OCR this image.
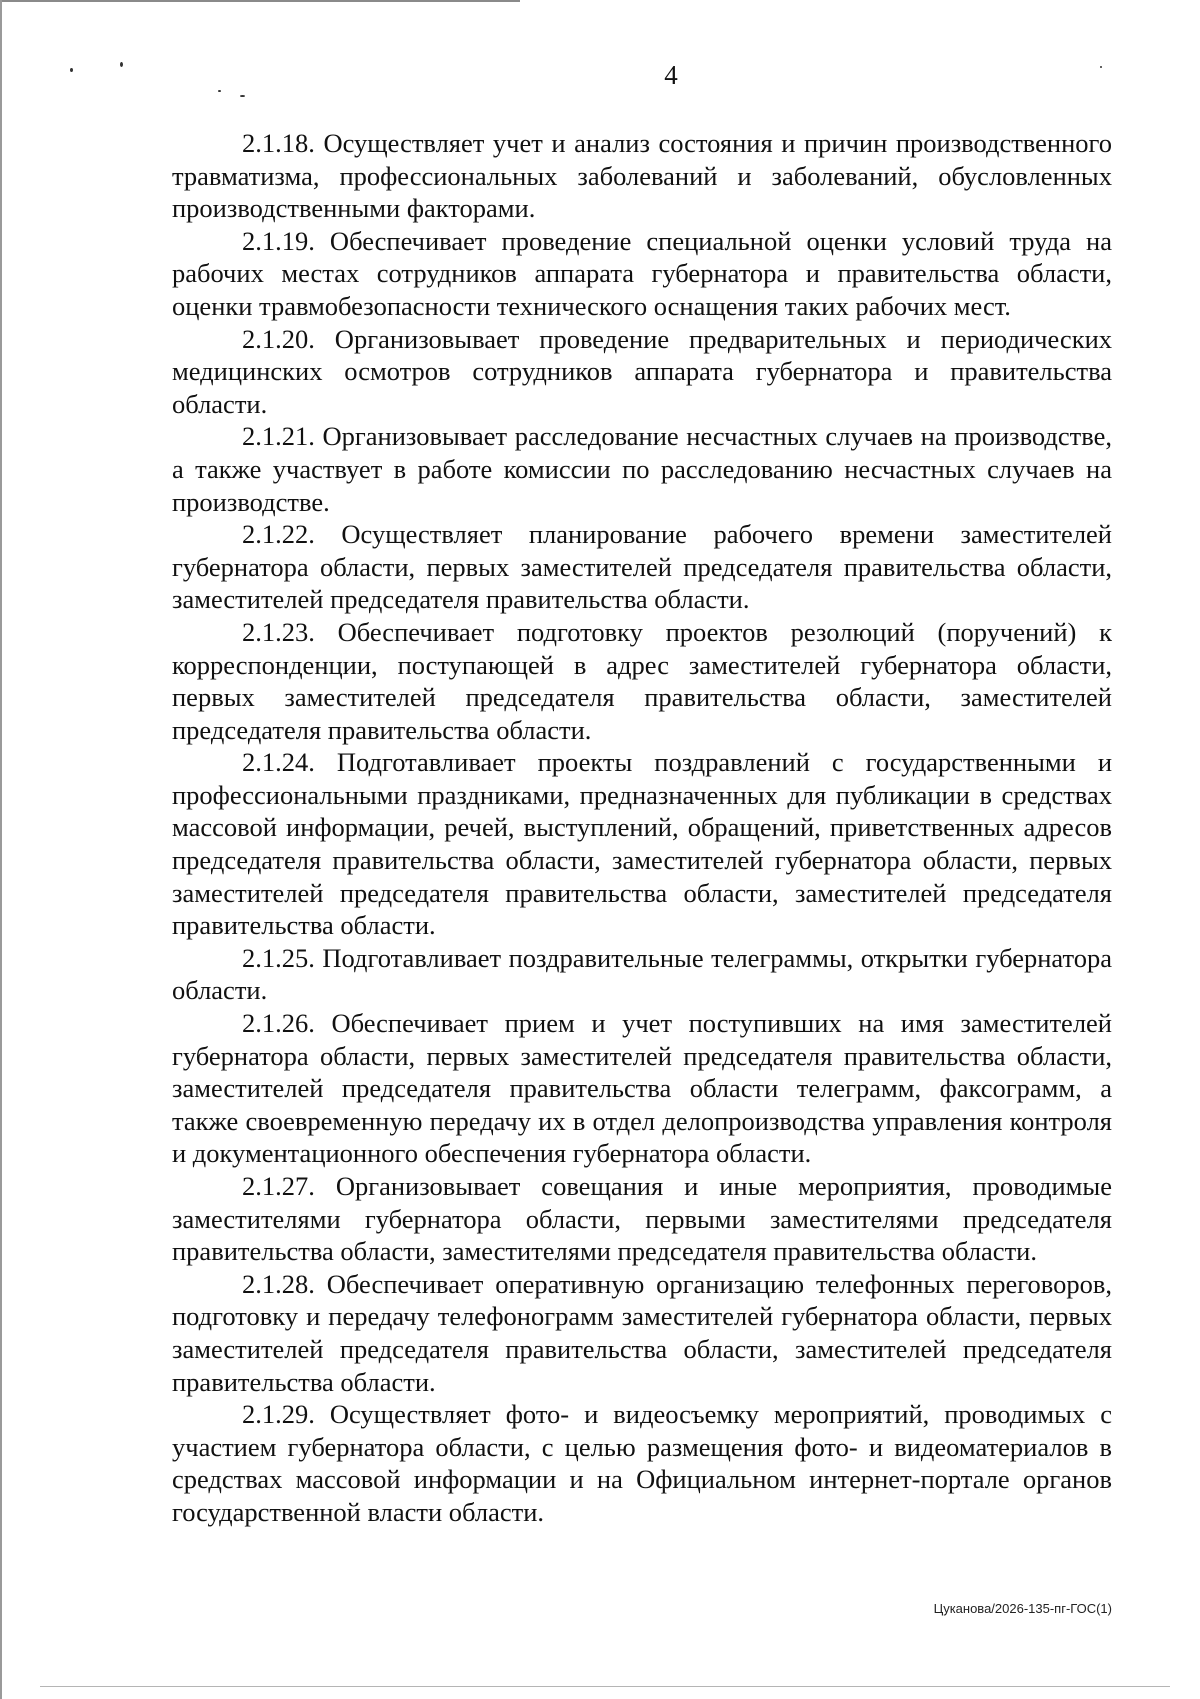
4

2.1.18. Осуществляет учет и анализ состояния и причин производственного травматизма, профессиональных заболеваний и заболеваний, обусловленных производственными факторами.

2.1.19. Обеспечивает проведение специальной оценки условий труда на рабочих местах сотрудников аппарата губернатора и правительства области, оценки травмобезопасности технического оснащения таких рабочих мест.

2.1.20. Организовывает проведение предварительных и периодических медицинских осмотров сотрудников аппарата губернатора и правительства области.

2.1.21. Организовывает расследование несчастных случаев на производстве, а также участвует в работе комиссии по расследованию несчастных случаев на производстве.

2.1.22. Осуществляет планирование рабочего времени заместителей губернатора области, первых заместителей председателя правительства области, заместителей председателя правительства области.

2.1.23. Обеспечивает подготовку проектов резолюций (поручений) к корреспонденции, поступающей в адрес заместителей губернатора области, первых заместителей председателя правительства области, заместителей председателя правительства области.

2.1.24. Подготавливает проекты поздравлений с государственными и профессиональными праздниками, предназначенных для публикации в средствах массовой информации, речей, выступлений, обращений, приветственных адресов председателя правительства области, заместителей губернатора области, первых заместителей председателя правительства области, заместителей председателя правительства области.

2.1.25. Подготавливает поздравительные телеграммы, открытки губернатора области.

2.1.26. Обеспечивает прием и учет поступивших на имя заместителей губернатора области, первых заместителей председателя правительства области, заместителей председателя правительства области телеграмм, факсограмм, а также своевременную передачу их в отдел делопроизводства управления контроля и документационного обеспечения губернатора области.

2.1.27. Организовывает совещания и иные мероприятия, проводимые заместителями губернатора области, первыми заместителями председателя правительства области, заместителями председателя правительства области.

2.1.28. Обеспечивает оперативную организацию телефонных переговоров, подготовку и передачу телефонограмм заместителей губернатора области, первых заместителей председателя правительства области, заместителей председателя правительства области.

2.1.29. Осуществляет фото- и видеосъемку мероприятий, проводимых с участием губернатора области, с целью размещения фото- и видеоматериалов в средствах массовой информации и на Официальном интернет-портале органов государственной власти области.

Цуканова/2026-135-пг-ГОС(1)
